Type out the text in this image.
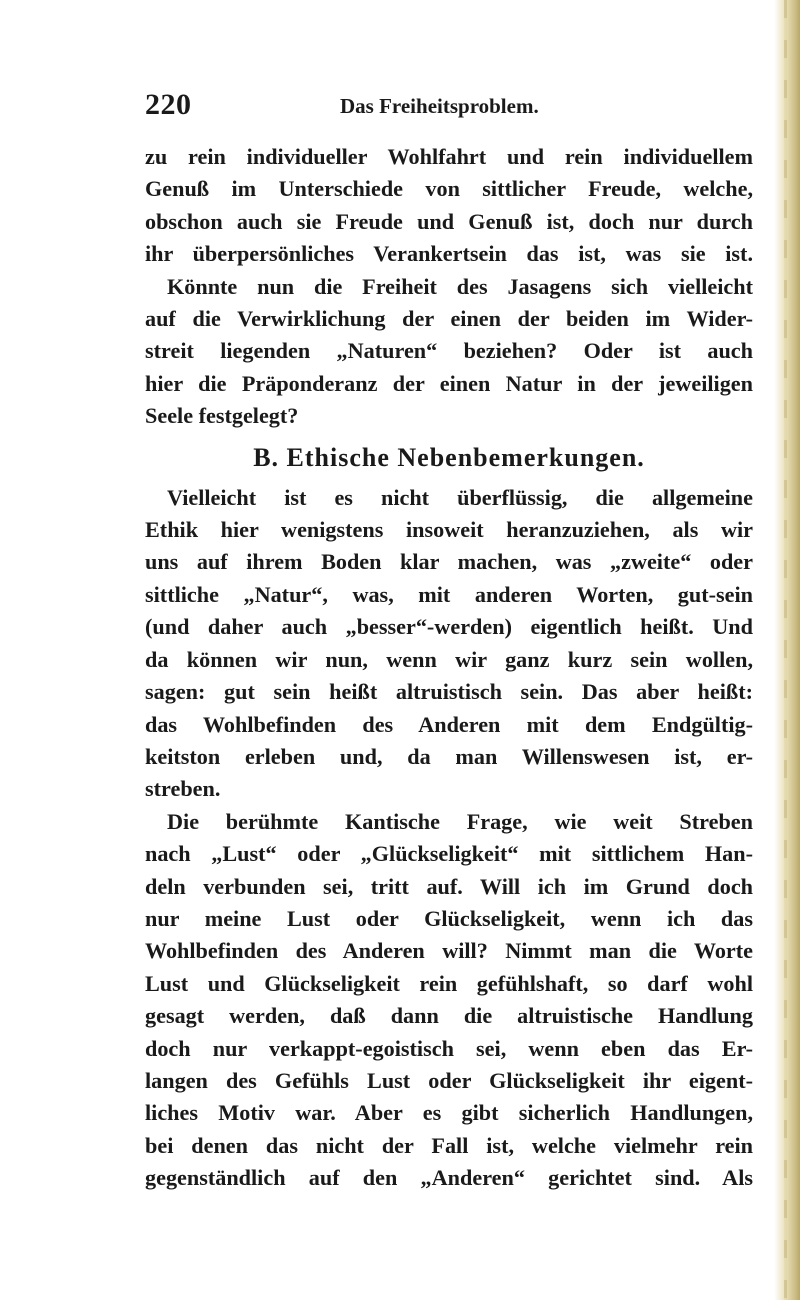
220	Das Freiheitsproblem.
zu rein individueller Wohlfahrt und rein individuellem
Genuß im Unterschiede von sittlicher Freude, welche,
obschon auch sie Freude und Genuß ist, doch nur durch
ihr überpersönliches Verankertsein das ist, was sie ist.
Könnte nun die Freiheit des Jasagens sich vielleicht
auf die Verwirklichung der einen der beiden im Wider-
streit liegenden „Naturen“ beziehen? Oder ist auch
hier die Präponderanz der einen Natur in der jeweiligen
Seele festgelegt?
B. Ethische Nebenbemerkungen.
Vielleicht ist es nicht überflüssig, die allgemeine
Ethik hier wenigstens insoweit heranzuziehen, als wir
uns auf ihrem Boden klar machen, was „zweite“ oder
sittliche „Natur“, was, mit anderen Worten, gut-sein
(und daher auch „besser“-werden) eigentlich heißt. Und
da können wir nun, wenn wir ganz kurz sein wollen,
sagen: gut sein heißt altruistisch sein. Das aber heißt:
das Wohlbefinden des Anderen mit dem Endgültig-
keitston erleben und, da man Willenswesen ist, er-
streben.
Die berühmte Kantische Frage, wie weit Streben
nach „Lust“ oder „Glückseligkeit“ mit sittlichem Han-
deln verbunden sei, tritt auf. Will ich im Grund doch
nur meine Lust oder Glückseligkeit, wenn ich das
Wohlbefinden des Anderen will? Nimmt man die Worte
Lust und Glückseligkeit rein gefühlshaft, so darf wohl
gesagt werden, daß dann die altruistische Handlung
doch nur verkappt-egoistisch sei, wenn eben das Er-
langen des Gefühls Lust oder Glückseligkeit ihr eigent-
liches Motiv war. Aber es gibt sicherlich Handlungen,
bei denen das nicht der Fall ist, welche vielmehr rein
gegenständlich auf den „Anderen“ gerichtet sind. Als
